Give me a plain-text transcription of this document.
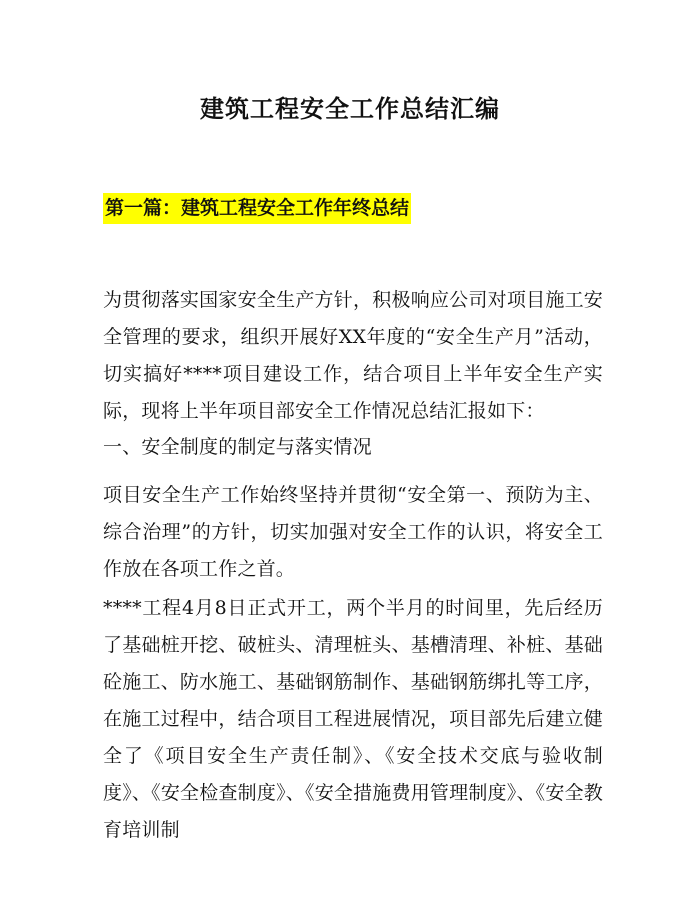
建筑工程安全工作总结汇编
第一篇：建筑工程安全工作年终总结
为贯彻落实国家安全生产方针，积极响应公司对项目施工安全管理的要求，组织开展好XX年度的“安全生产月”活动，切实搞好****项目建设工作，结合项目上半年安全生产实际，现将上半年项目部安全工作情况总结汇报如下：
一、安全制度的制定与落实情况
项目安全生产工作始终坚持并贯彻“安全第一、预防为主、综合治理”的方针，切实加强对安全工作的认识，将安全工作放在各项工作之首。
****工程4月8日正式开工，两个半月的时间里，先后经历了基础桩开挖、破桩头、清理桩头、基槽清理、补桩、基础砼施工、防水施工、基础钢筋制作、基础钢筋绑扎等工序，在施工过程中，结合项目工程进展情况，项目部先后建立健全了《项目安全生产责任制》、《安全技术交底与验收制度》、《安全检查制度》、《安全措施费用管理制度》、《安全教育培训制
